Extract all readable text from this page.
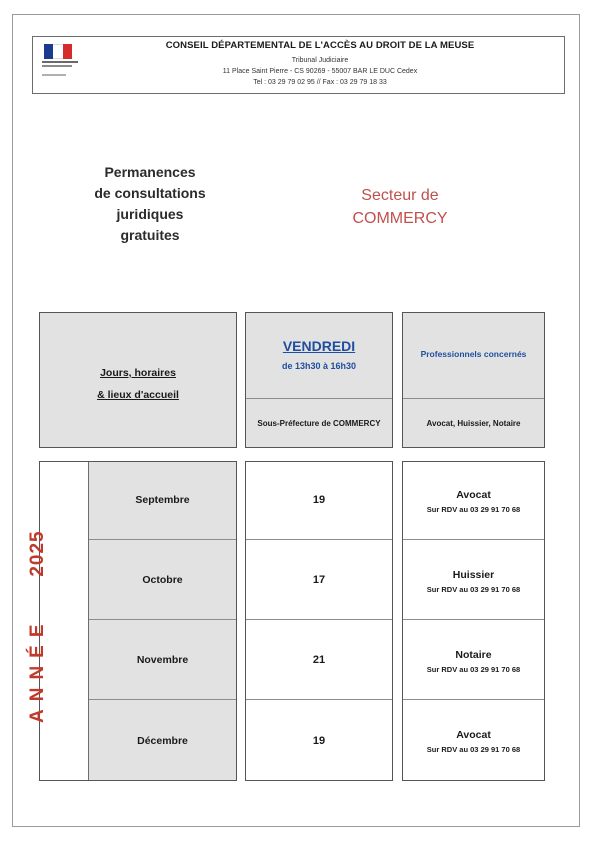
CONSEIL DÉPARTEMENTAL DE L'ACCÈS AU DROIT DE LA MEUSE
Tribunal Judiciaire
11 Place Saint Pierre - CS 90269 - 55007 BAR LE DUC Cedex
Tel : 03 29 79 02 95 // Fax : 03 29 79 18 33
Permanences
de consultations
juridiques
gratuites
Secteur de
COMMERCY
Jours, horaires
& lieux d'accueil
VENDREDI
de 13h30 à 16h30
Sous-Préfecture de COMMERCY
Professionnels concernés
Avocat, Huissier, Notaire
ANNÉE   2025
Septembre
Octobre
Novembre
Décembre
19
17
21
19
Avocat
Sur RDV au 03 29 91 70 68
Huissier
Sur RDV au 03 29 91 70 68
Notaire
Sur RDV au 03 29 91 70 68
Avocat
Sur RDV au 03 29 91 70 68
